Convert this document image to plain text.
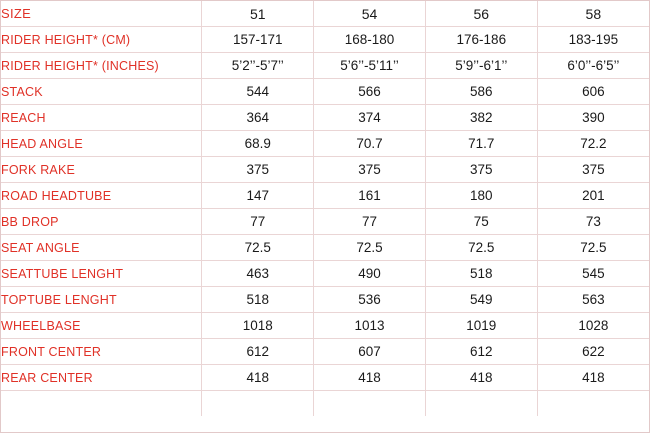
SIZE	51	54	56	58
RIDER HEIGHT* (CM)	157-171	168-180	176-186	183-195
RIDER HEIGHT* (INCHES)	5’2’’-5’7’’	5’6’’-5’11’’	5’9’’-6’1’’	6’0’’-6’5’’
STACK	544	566	586	606
REACH	364	374	382	390
HEAD ANGLE	68.9	70.7	71.7	72.2
FORK RAKE	375	375	375	375
ROAD HEADTUBE	147	161	180	201
BB DROP	77	77	75	73
SEAT ANGLE	72.5	72.5	72.5	72.5
SEATTUBE LENGHT	463	490	518	545
TOPTUBE LENGHT	518	536	549	563
WHEELBASE	1018	1013	1019	1028
FRONT CENTER	612	607	612	622
REAR CENTER	418	418	418	418
